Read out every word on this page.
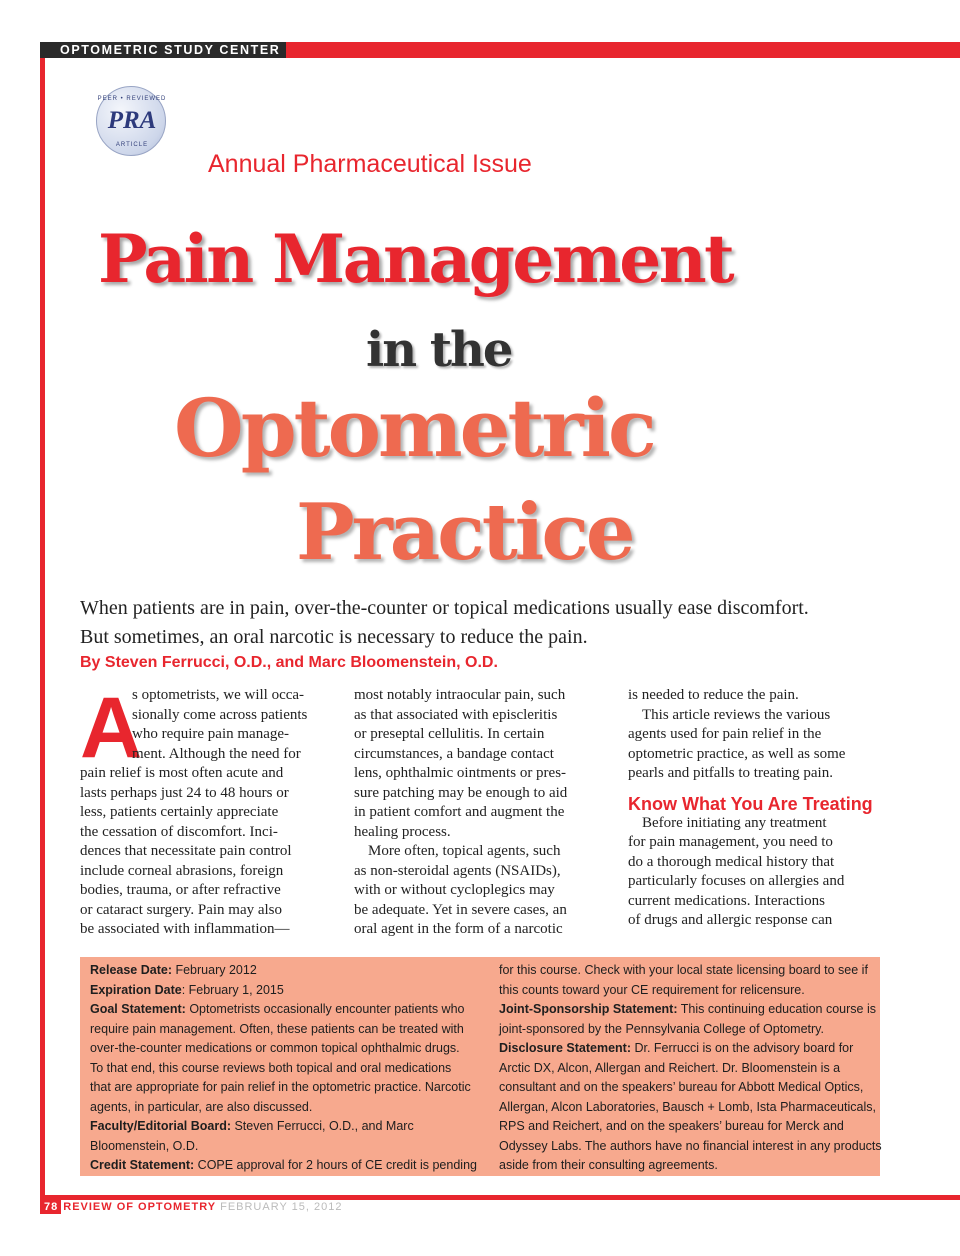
OPTOMETRIC STUDY CENTER
PEER • REVIEWED
PRA
ARTICLE
Annual Pharmaceutical Issue
Pain Management
in the
Optometric
Practice
When patients are in pain, over-the-counter or topical medications usually ease discomfort. But sometimes, an oral narcotic is necessary to reduce the pain.
By Steven Ferrucci, O.D., and Marc Bloomenstein, O.D.
A
s optometrists, we will occa-
sionally come across patients
who require pain manage-
ment. Although the need for
pain relief is most often acute and
lasts perhaps just 24 to 48 hours or
less, patients certainly appreciate
the cessation of discomfort. Inci-
dences that necessitate pain control
include corneal abrasions, foreign
bodies, trauma, or after refractive
or cataract surgery. Pain may also
be associated with inflammation—
most notably intraocular pain, such
as that associated with episcleritis
or preseptal cellulitis. In certain
circumstances, a bandage contact
lens, ophthalmic ointments or pres-
sure patching may be enough to aid
in patient comfort and augment the
healing process.
More often, topical agents, such
as non-steroidal agents (NSAIDs),
with or without cycloplegics may
be adequate. Yet in severe cases, an
oral agent in the form of a narcotic
is needed to reduce the pain.
This article reviews the various
agents used for pain relief in the
optometric practice, as well as some
pearls and pitfalls to treating pain.
Know What You Are Treating
Before initiating any treatment
for pain management, you need to
do a thorough medical history that
particularly focuses on allergies and
current medications. Interactions
of drugs and allergic response can
Release Date: February 2012
Expiration Date: February 1, 2015
Goal Statement: Optometrists occasionally encounter patients who
require pain management. Often, these patients can be treated with
over-the-counter medications or common topical ophthalmic drugs.
To that end, this course reviews both topical and oral medications
that are appropriate for pain relief in the optometric practice. Narcotic
agents, in particular, are also discussed.
Faculty/Editorial Board: Steven Ferrucci, O.D., and Marc
Bloomenstein, O.D.
Credit Statement: COPE approval for 2 hours of CE credit is pending
for this course. Check with your local state licensing board to see if
this counts toward your CE requirement for relicensure.
Joint-Sponsorship Statement: This continuing education course is
joint-sponsored by the Pennsylvania College of Optometry.
Disclosure Statement: Dr. Ferrucci is on the advisory board for
Arctic DX, Alcon, Allergan and Reichert. Dr. Bloomenstein is a
consultant and on the speakers’ bureau for Abbott Medical Optics,
Allergan, Alcon Laboratories, Bausch + Lomb, Ista Pharmaceuticals,
RPS and Reichert, and on the speakers’ bureau for Merck and
Odyssey Labs. The authors have no financial interest in any products
aside from their consulting agreements.
78 REVIEW OF OPTOMETRY FEBRUARY 15, 2012
